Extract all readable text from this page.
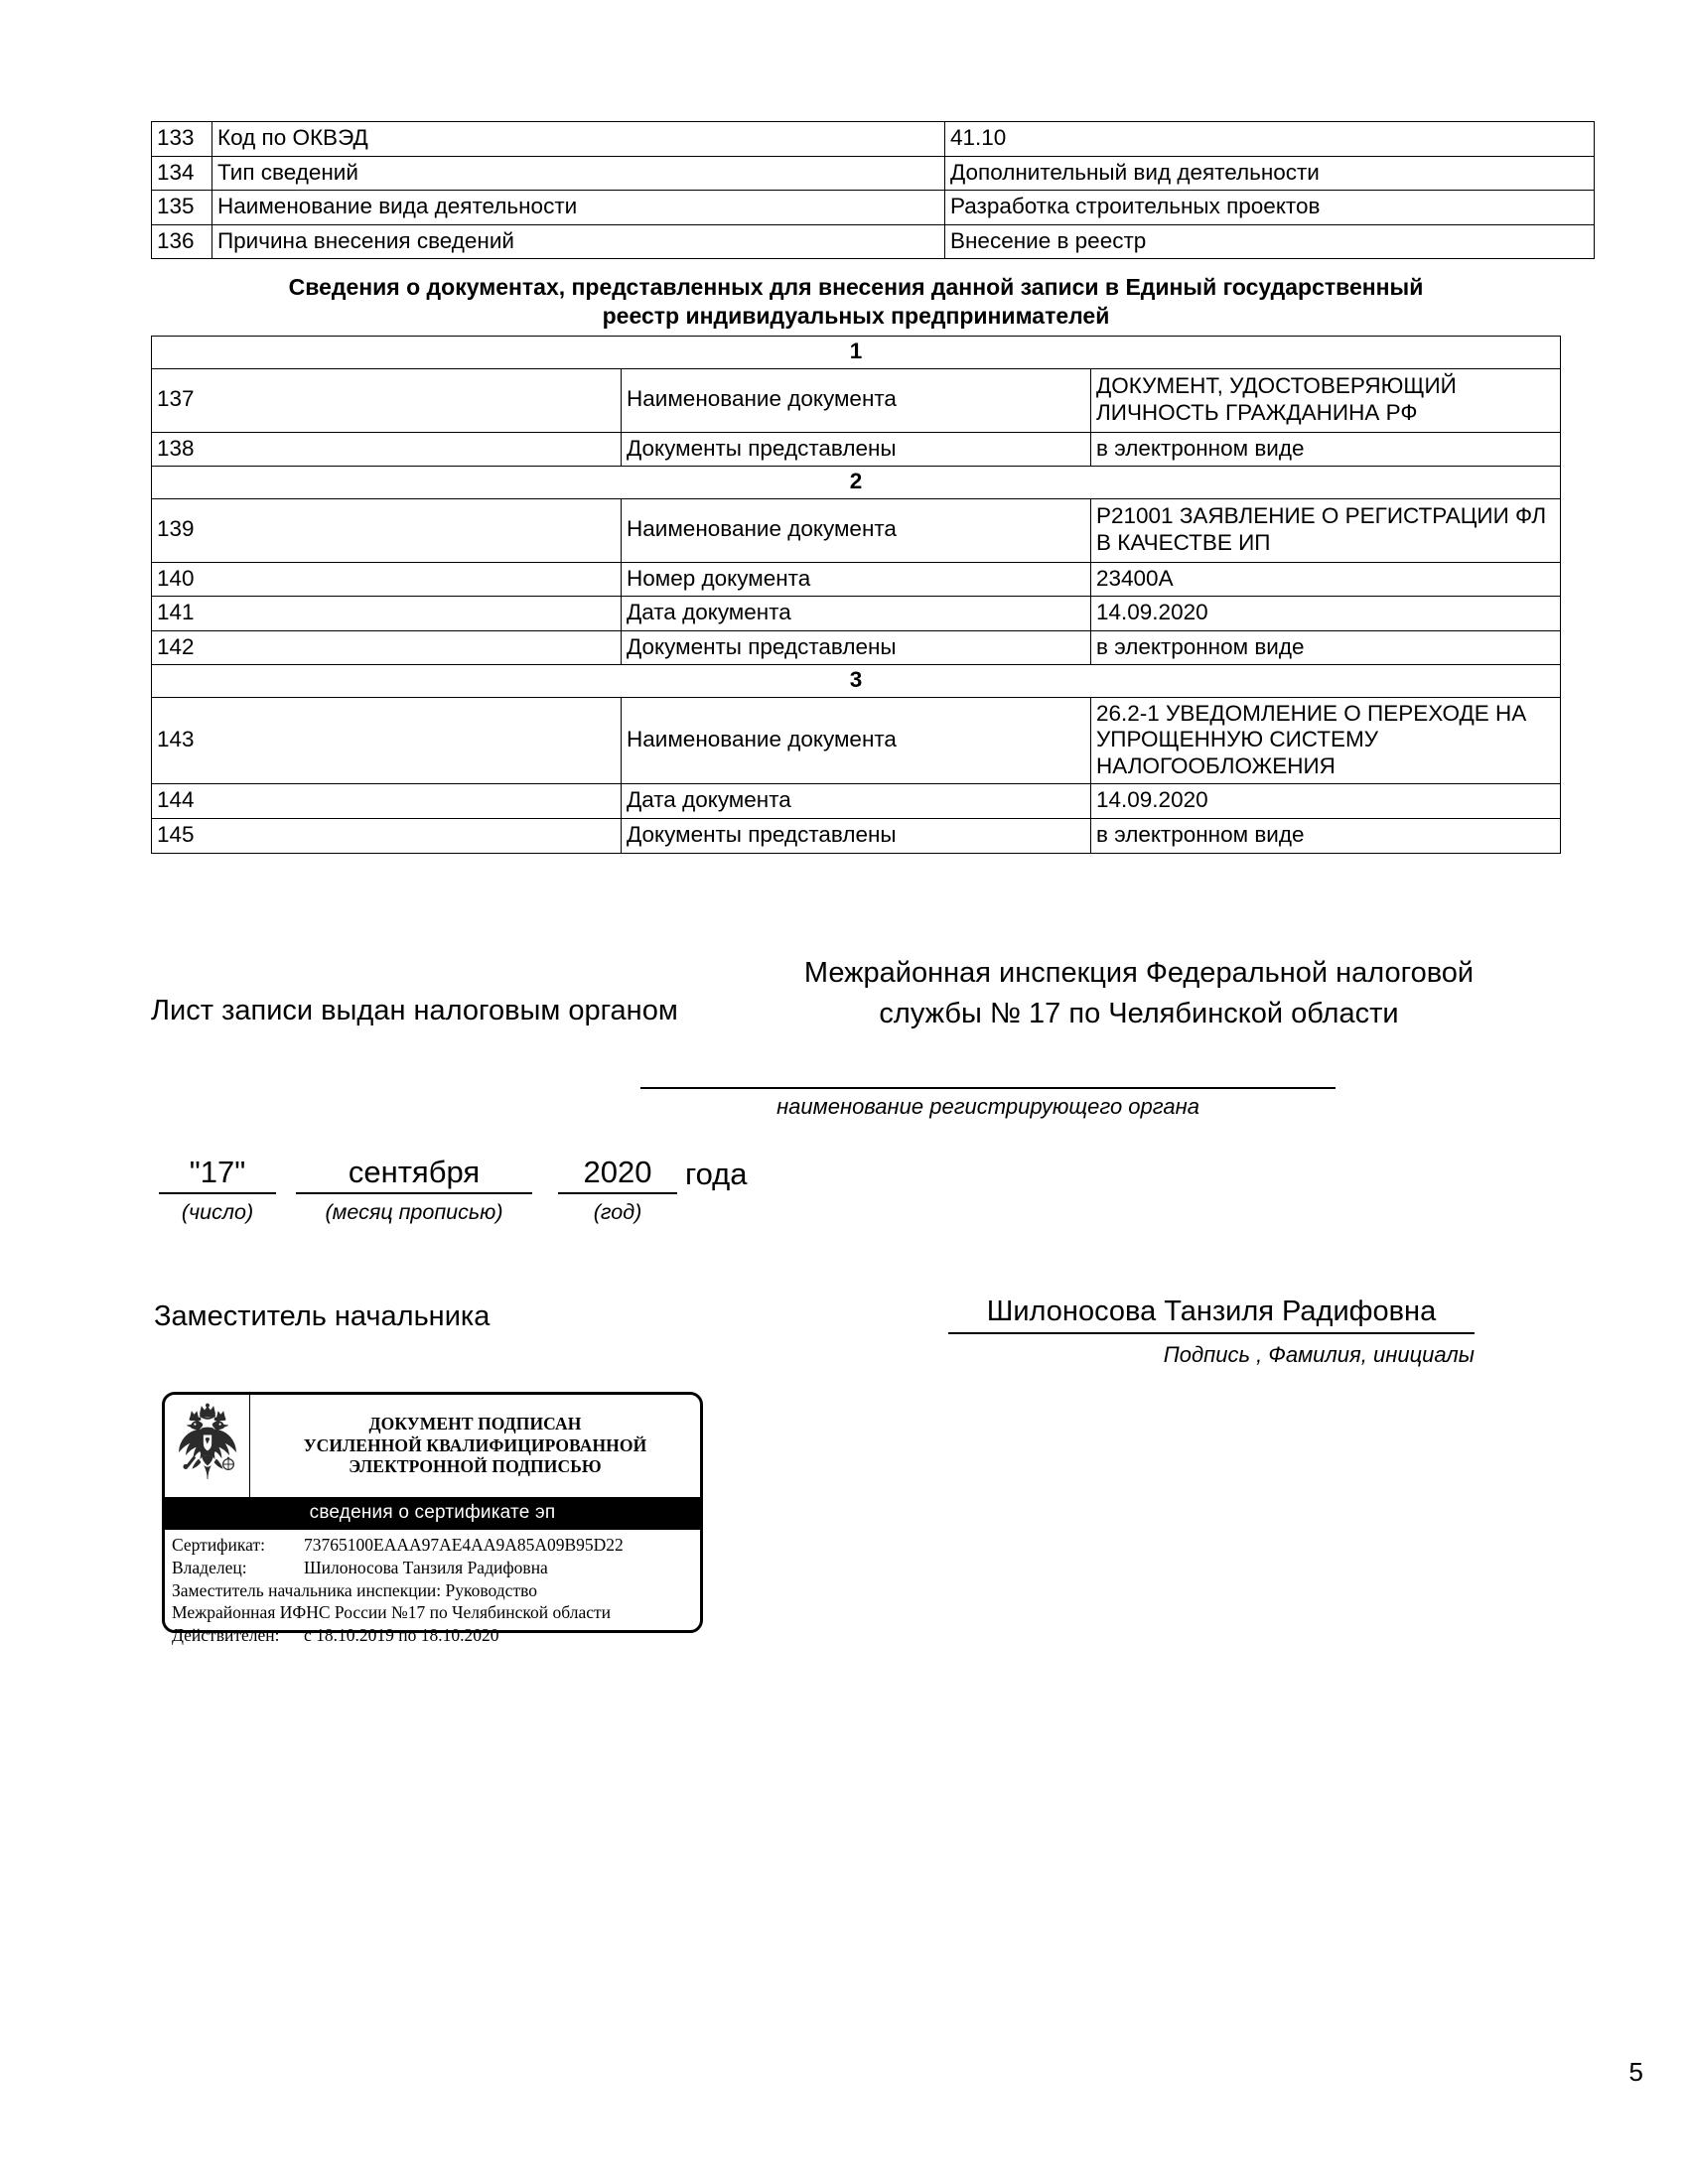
133	Код по ОКВЭД	41.10
134	Тип сведений	Дополнительный вид деятельности
135	Наименование вида деятельности	Разработка строительных проектов
136	Причина внесения сведений	Внесение в реестр
Сведения о документах, представленных для внесения данной записи в Единый государственный
реестр индивидуальных предпринимателей
1		
137	Наименование документа	ДОКУМЕНТ, УДОСТОВЕРЯЮЩИЙ ЛИЧНОСТЬ ГРАЖДАНИНА РФ
138	Документы представлены	в электронном виде
2		
139	Наименование документа	Р21001 ЗАЯВЛЕНИЕ О РЕГИСТРАЦИИ ФЛ В КАЧЕСТВЕ ИП
140	Номер документа	23400А
141	Дата документа	14.09.2020
142	Документы представлены	в электронном виде
3		
143	Наименование документа	26.2-1 УВЕДОМЛЕНИЕ О ПЕРЕХОДЕ НА УПРОЩЕННУЮ СИСТЕМУ НАЛОГООБЛОЖЕНИЯ
144	Дата документа	14.09.2020
145	Документы представлены	в электронном виде
Лист записи выдан налоговым органом
Межрайонная инспекция Федеральной налоговой службы № 17 по Челябинской области
наименование регистрирующего органа
"17"	сентября	2020	года
(число)	(месяц прописью)	(год)
Заместитель начальника	Шилоносова Танзиля Радифовна
Подпись , Фамилия, инициалы
ДОКУМЕНТ ПОДПИСАН
УСИЛЕННОЙ КВАЛИФИЦИРОВАННОЙ
ЭЛЕКТРОННОЙ ПОДПИСЬЮ
сведения о сертификате эп
Сертификат:	73765100EAAA97AE4AA9A85A09B95D22
Владелец:	Шилоносова Танзиля Радифовна
Заместитель начальника инспекции: Руководство
Межрайонная ИФНС России №17 по Челябинской области
Действителен:	с 18.10.2019 по 18.10.2020
5
